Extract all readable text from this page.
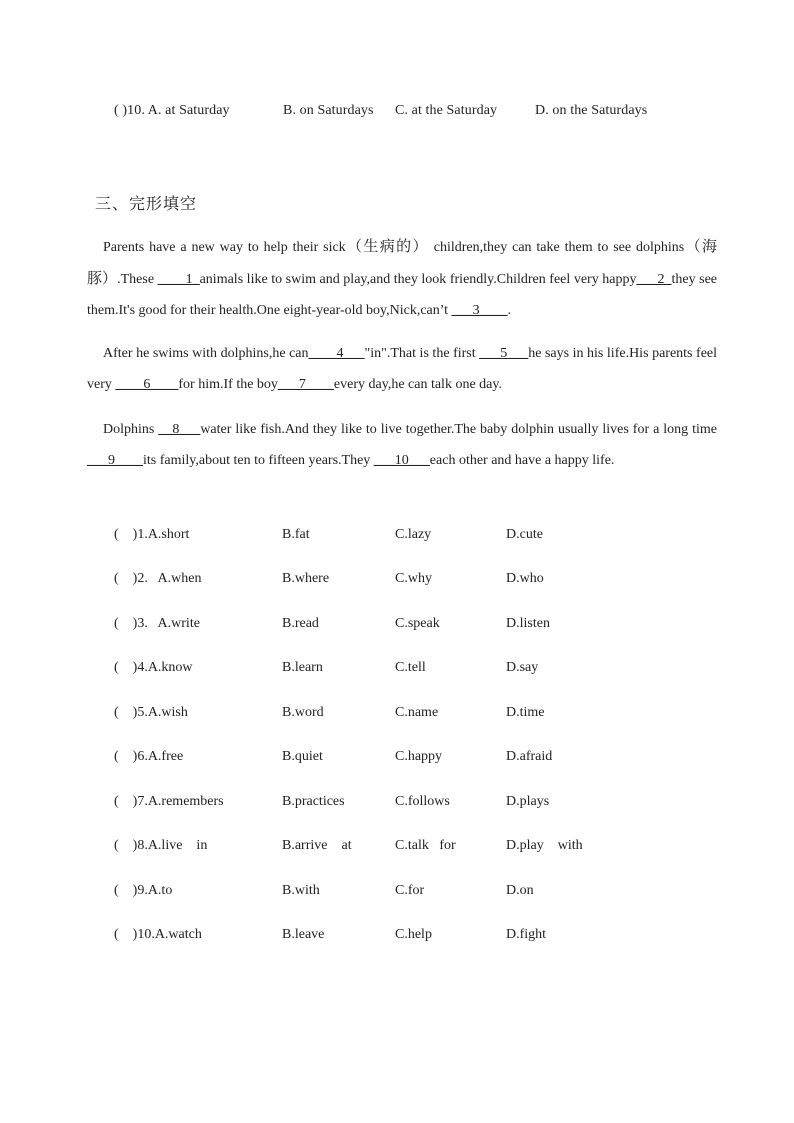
( )10. A. at Saturday	B. on Saturdays C. at the Saturday	D. on the Saturdays
三、完形填空
Parents have a new way to help their sick（生病的） children,they can take them to see dolphins（海豚）.These ____1_animals like to swim and play,and they look friendly.Children feel very happy___2_they see them.It's good for their health.One eight-year-old boy,Nick,can’t ___3____.
After he swims with dolphins,he can____4___"in".That is the first ___5___he says in his life.His parents feel very ____6____for him.If the boy___7____every day,he can talk one day.
Dolphins __8___water like fish.And they like to live together.The baby dolphin usually lives for a long time ___9____its family,about ten to fifteen years.They ___10___each other and have a happy life.
(    )1.A.short	B.fat	C.lazy	D.cute
(    )2.   A.when	B.where	C.why	D.who
(    )3.   A.write	B.read	C.speak	D.listen
(    )4.A.know	B.learn	C.tell	D.say
(    )5.A.wish	B.word	C.name	D.time
(    )6.A.free	B.quiet	C.happy	D.afraid
(    )7.A.remembers	B.practices	C.follows	D.plays
(    )8.A.live    in	B.arrive    at	C.talk   for	D.play    with
(    )9.A.to	B.with	C.for	D.on
(    )10.A.watch	B.leave	C.help	D.fight
